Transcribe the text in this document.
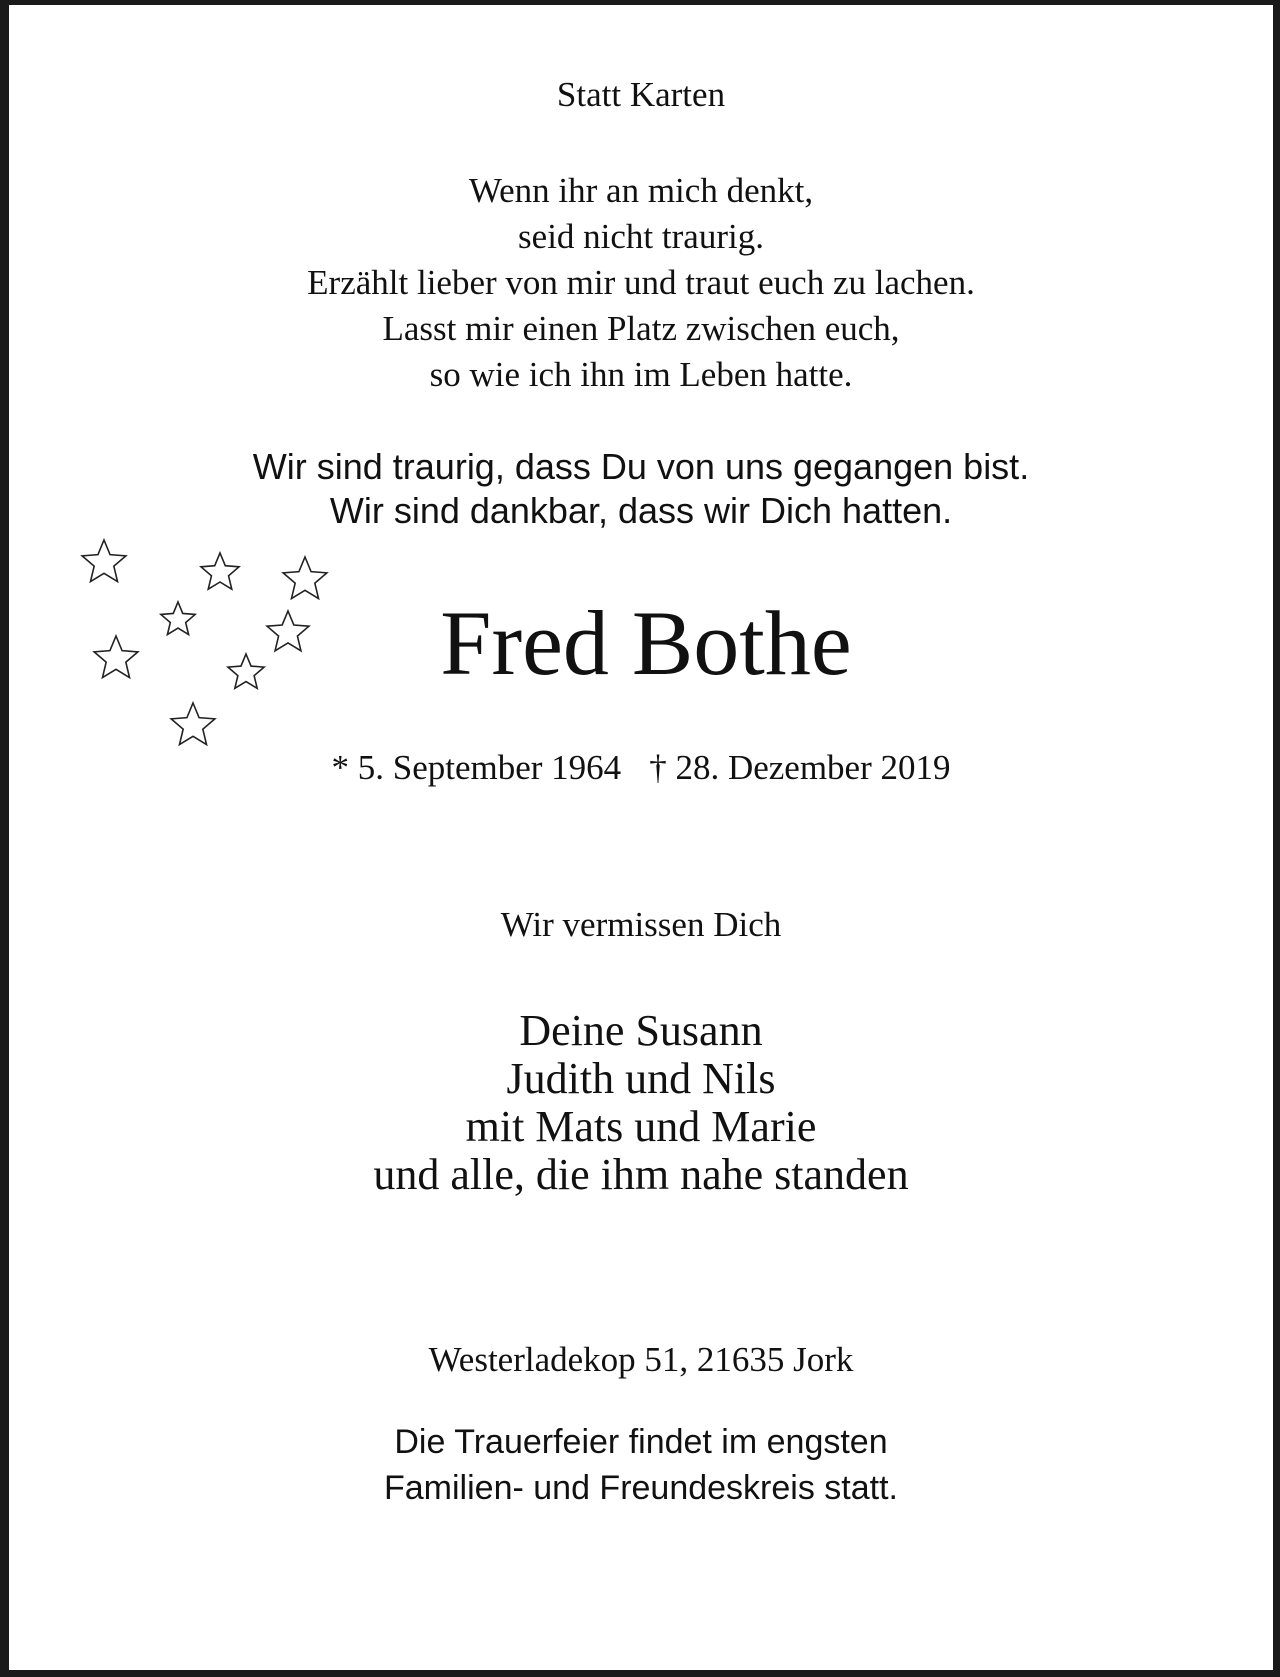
Statt Karten
Wenn ihr an mich denkt,
seid nicht traurig.
Erzählt lieber von mir und traut euch zu lachen.
Lasst mir einen Platz zwischen euch,
so wie ich ihn im Leben hatte.
Wir sind traurig, dass Du von uns gegangen bist.
Wir sind dankbar, dass wir Dich hatten.
Fred Bothe
* 5. September 1964 † 28. Dezember 2019
Wir vermissen Dich
Deine Susann
Judith und Nils
mit Mats und Marie
und alle, die ihm nahe standen
Westerladekop 51, 21635 Jork
Die Trauerfeier findet im engsten
Familien- und Freundeskreis statt.
